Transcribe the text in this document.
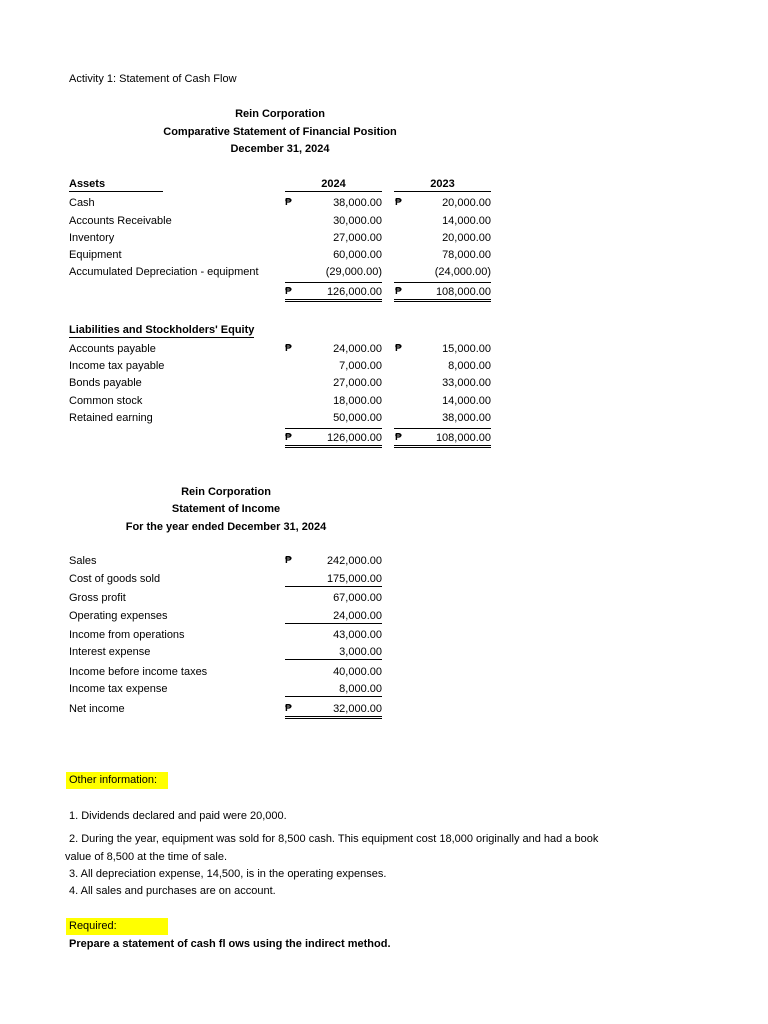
Activity 1: Statement of Cash Flow
Rein Corporation
Comparative Statement of Financial Position
December 31, 2024
Assets	2024	2023
Cash	₱	38,000.00 ₱	20,000.00
Accounts Receivable	30,000.00	14,000.00
Inventory	27,000.00	20,000.00
Equipment	60,000.00	78,000.00
Accumulated Depreciation - equipment	(29,000.00)	(24,000.00)
₱	126,000.00 ₱	108,000.00
Liabilities and Stockholders' Equity
Accounts payable	₱	24,000.00 ₱	15,000.00
Income tax payable	7,000.00	8,000.00
Bonds payable	27,000.00	33,000.00
Common stock	18,000.00	14,000.00
Retained earning	50,000.00	38,000.00
₱	126,000.00 ₱	108,000.00
Rein Corporation
Statement of Income
For the year ended December 31, 2024
Sales	₱	242,000.00
Cost of goods sold	175,000.00
Gross profit	67,000.00
Operating expenses	24,000.00
Income from operations	43,000.00
Interest expense	3,000.00
Income before income taxes	40,000.00
Income tax expense	8,000.00
Net income	₱	32,000.00
Other information:
1. Dividends declared and paid were 20,000.
2. During the year, equipment was sold for 8,500 cash. This equipment cost 18,000 originally and had a book
value of 8,500 at the time of sale.
3. All depreciation expense, 14,500, is in the operating expenses.
4. All sales and purchases are on account.
Required:
Prepare a statement of cash fl ows using the indirect method.
